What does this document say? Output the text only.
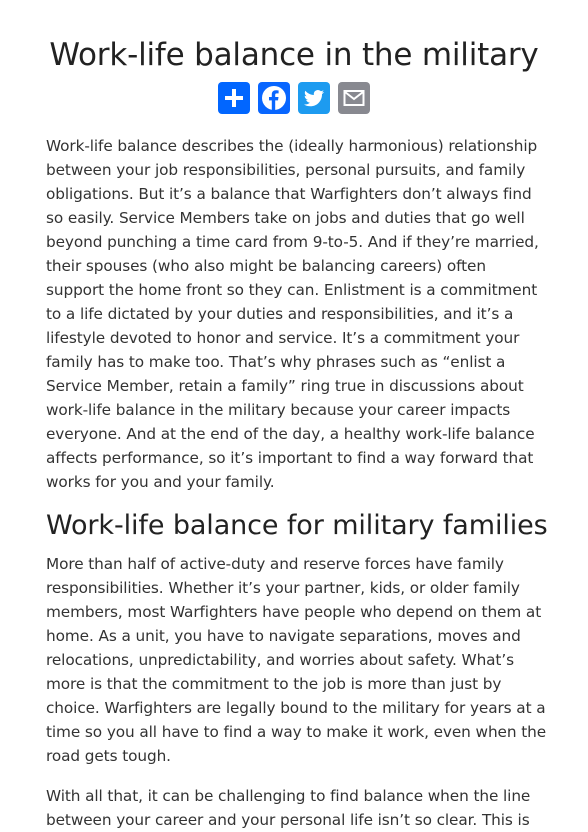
Work-life balance in the military

Work-life balance describes the (ideally harmonious) relationship between your job responsibilities, personal pursuits, and family obligations. But it’s a balance that Warfighters don’t always find so easily. Service Members take on jobs and duties that go well beyond punching a time card from 9-to-5. And if they’re married, their spouses (who also might be balancing careers) often support the home front so they can. Enlistment is a commitment to a life dictated by your duties and responsibilities, and it’s a lifestyle devoted to honor and service. It’s a commitment your family has to make too. That’s why phrases such as “enlist a Service Member, retain a family” ring true in discussions about work-life balance in the military because your career impacts everyone. And at the end of the day, a healthy work-life balance affects performance, so it’s important to find a way forward that works for you and your family.

Work-life balance for military families

More than half of active-duty and reserve forces have family responsibilities. Whether it’s your partner, kids, or older family members, most Warfighters have people who depend on them at home. As a unit, you have to navigate separations, moves and relocations, unpredictability, and worries about safety. What’s more is that the commitment to the job is more than just by choice. Warfighters are legally bound to the military for years at a time so you all have to find a way to make it work, even when the road gets tough.

With all that, it can be challenging to find balance when the line between your career and your personal life isn’t so clear. This is
